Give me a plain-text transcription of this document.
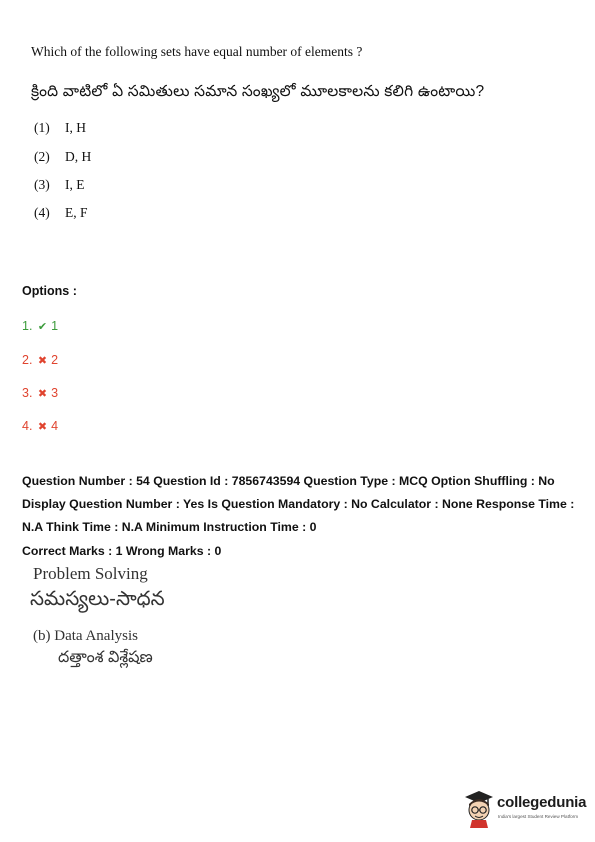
Which of the following sets have equal number of elements ?
క్రింది వాటిలో ఏ సమితులు సమాన సంఖ్యలో మూలకాలను కలిగి ఉంటాయి?
(1) I, H
(2) D, H
(3) I, E
(4) E, F
Options :
1. ✔ 1
2. ✖ 2
3. ✖ 3
4. ✖ 4
Question Number : 54 Question Id : 7856743594 Question Type : MCQ Option Shuffling : No Display Question Number : Yes Is Question Mandatory : No Calculator : None Response Time : N.A Think Time : N.A Minimum Instruction Time : 0
Correct Marks : 1 Wrong Marks : 0
Problem Solving
సమస్యలు-సాధన
(b) Data Analysis
దత్తాంశ విశ్లేషణ
collegedunia
India's largest Student Review Platform
